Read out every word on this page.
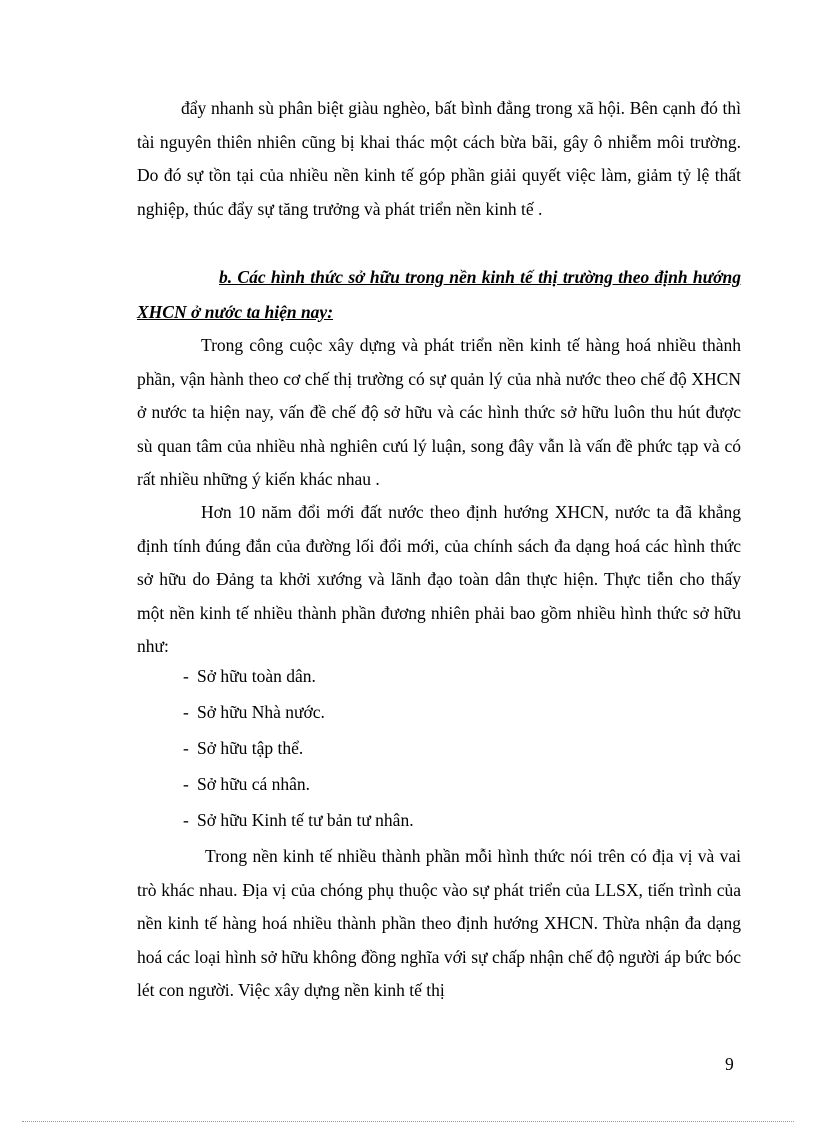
đẩy nhanh sù phân biệt giàu nghèo, bất bình đẳng trong xã hội. Bên cạnh đó thì tài nguyên thiên nhiên cũng bị khai thác một cách bừa bãi, gây ô nhiễm môi trường. Do đó sự tồn tại của nhiều nền kinh tế góp phần giải quyết việc làm, giảm tỷ lệ thất nghiệp, thúc đẩy sự tăng trưởng và phát triển nền kinh tế .

b. Các hình thức sở hữu trong nền kinh tế thị trường theo định hướng XHCN ở nước ta hiện nay:

Trong công cuộc xây dựng và phát triển nền kinh tế hàng hoá nhiều thành phần, vận hành theo cơ chế thị trường có sự quản lý của nhà nước theo chế độ XHCN ở nước ta hiện nay, vấn đề chế độ sở hữu và các hình thức sở hữu luôn thu hút được sù quan tâm của nhiều nhà nghiên cưú lý luận, song đây vẫn là vấn đề phức tạp và có rất nhiều những ý kiến khác nhau .

Hơn 10 năm đổi mới đất nước theo định hướng XHCN, nước ta đã khẳng định tính đúng đắn của đường lối đổi mới, của chính sách đa dạng hoá các hình thức sở hữu do Đảng ta khởi xướng và lãnh đạo toàn dân thực hiện. Thực tiễn cho thấy một nền kinh tế nhiều thành phần đương nhiên phải bao gồm nhiều hình thức sở hữu như:

- Sở hữu toàn dân.
- Sở hữu Nhà nước.
- Sở hữu tập thể.
- Sở hữu cá nhân.
- Sở hữu Kinh tế tư bản tư nhân.

Trong nền kinh tế nhiều thành phần mỗi hình thức nói trên có địa vị và vai trò khác nhau. Địa vị của chóng phụ thuộc vào sự phát triển của LLSX, tiến trình của nền kinh tế hàng hoá nhiều thành phần theo định hướng XHCN. Thừa nhận đa dạng hoá các loại hình sở hữu không đồng nghĩa với sự chấp nhận chế độ người áp bức bóc lét con người. Việc xây dựng nền kinh tế thị

9
